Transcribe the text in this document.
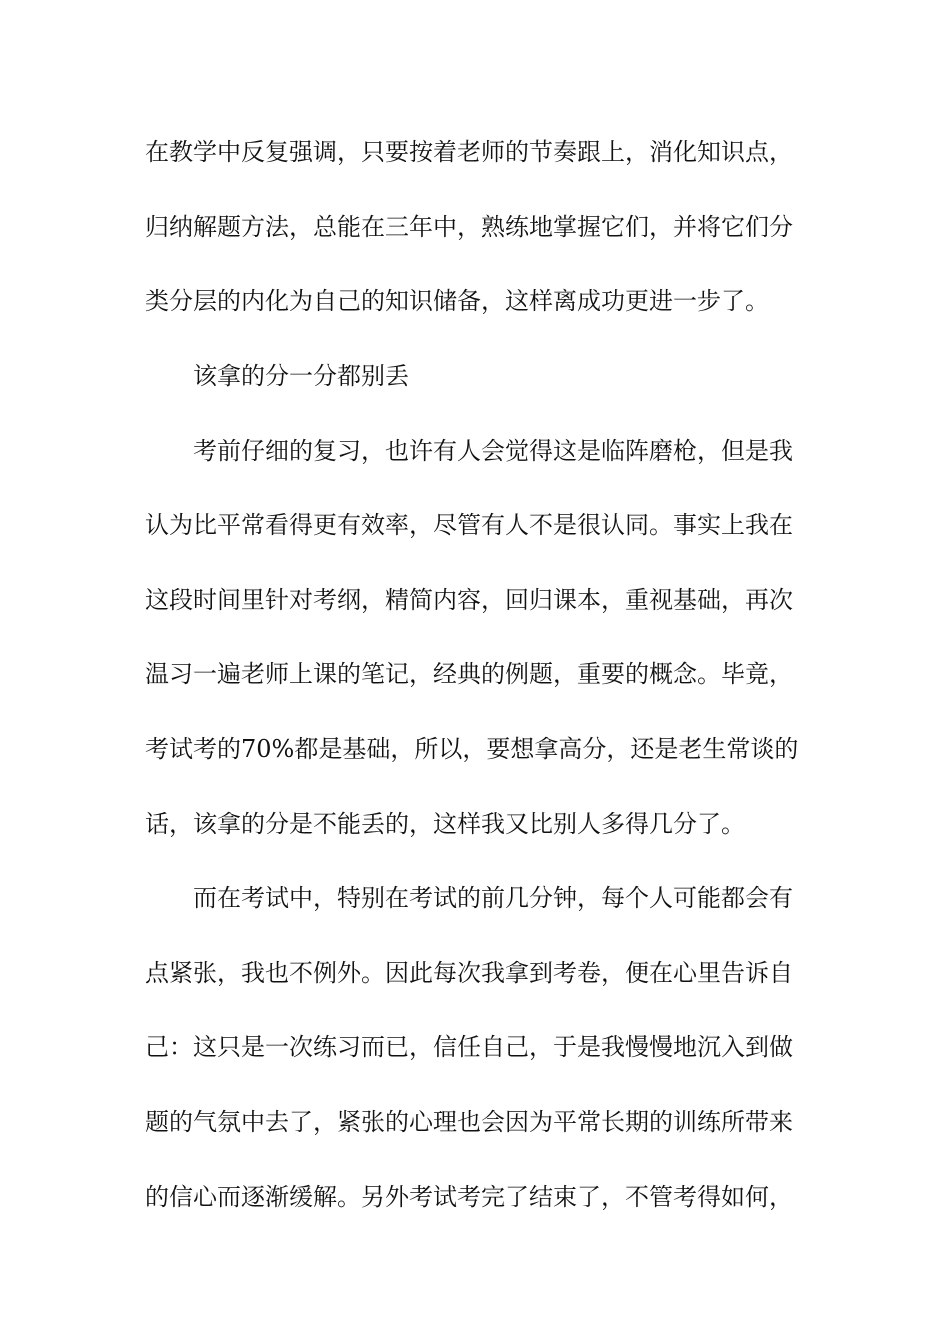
在教学中反复强调，只要按着老师的节奏跟上，消化知识点，

归纳解题方法，总能在三年中，熟练地掌握它们，并将它们分

类分层的内化为自己的知识储备，这样离成功更进一步了。

该拿的分一分都别丢

考前仔细的复习，也许有人会觉得这是临阵磨枪，但是我

认为比平常看得更有效率，尽管有人不是很认同。事实上我在

这段时间里针对考纲，精简内容，回归课本，重视基础，再次

温习一遍老师上课的笔记，经典的例题，重要的概念。毕竟，

考试考的70%都是基础，所以，要想拿高分，还是老生常谈的

话，该拿的分是不能丢的，这样我又比别人多得几分了。

而在考试中，特别在考试的前几分钟，每个人可能都会有

点紧张，我也不例外。因此每次我拿到考卷，便在心里告诉自

己：这只是一次练习而已，信任自己，于是我慢慢地沉入到做

题的气氛中去了，紧张的心理也会因为平常长期的训练所带来

的信心而逐渐缓解。另外考试考完了结束了，不管考得如何，
